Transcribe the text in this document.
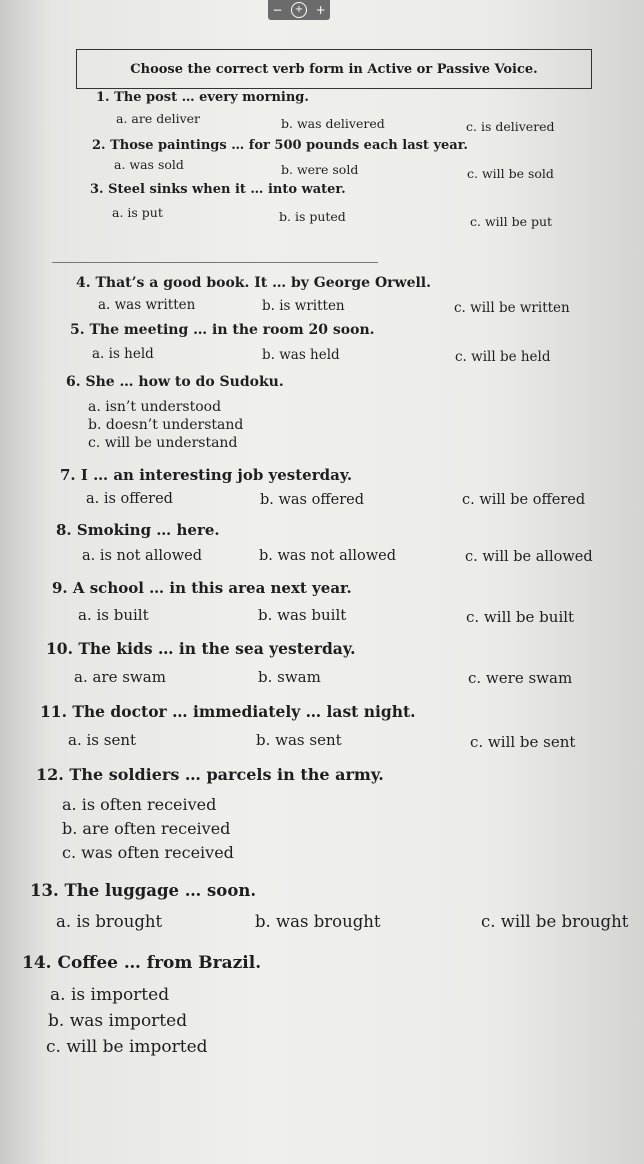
−	+	+
Choose the correct verb form in Active or Passive Voice.
1. The post … every morning.
a. are deliver	b. was delivered	c. is delivered
2. Those paintings … for 500 pounds each last year.
a. was sold	b. were sold	c. will be sold
3. Steel sinks when it … into water.
a. is put	b. is puted	c. will be put
4. That’s a good book. It … by George Orwell.
a. was written	b. is written	c. will be written
5. The meeting … in the room 20 soon.
a. is held	b. was held	c. will be held
6. She … how to do Sudoku.
a. isn’t understood
b. doesn’t understand
c. will be understand
7. I … an interesting job yesterday.
a. is offered	b. was offered	c. will be offered
8. Smoking … here.
a. is not allowed	b. was not allowed	c. will be allowed
9. A school … in this area next year.
a. is built	b. was built	c. will be built
10. The kids … in the sea yesterday.
a. are swam	b. swam	c. were swam
11. The doctor … immediately … last night.
a. is sent	b. was sent	c. will be sent
12. The soldiers … parcels in the army.
a. is often received
b. are often received
c. was often received
13. The luggage … soon.
a. is brought	b. was brought	c. will be brought
14. Coffee … from Brazil.
a. is imported
b. was imported
c. will be imported
